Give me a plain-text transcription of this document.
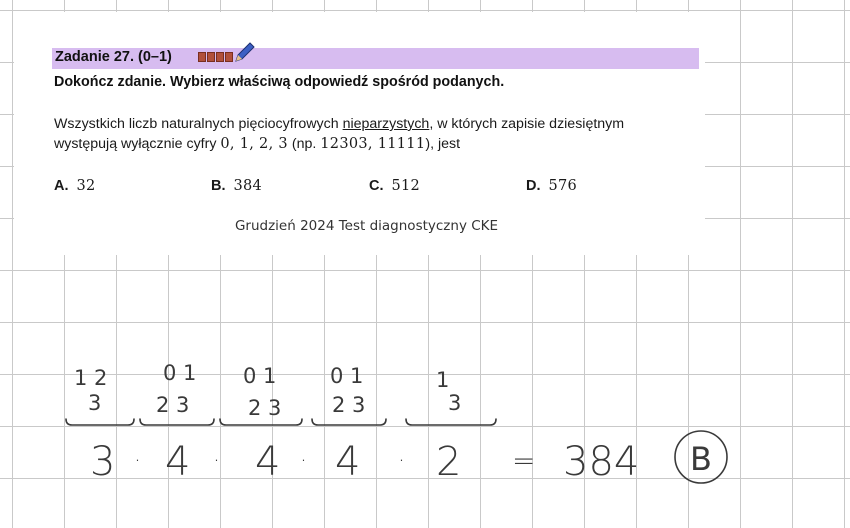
Zadanie 27. (0–1)
Dokończ zdanie. Wybierz właściwą odpowiedź spośród podanych.
Wszystkich liczb naturalnych pięciocyfrowych nieparzystych, w których zapisie dziesiętnym
występują wyłącznie cyfry 0, 1, 2, 3 (np. 12303, 11111), jest
A. 32	B. 384	C. 512	D. 576
Grudzień 2024 Test diagnostyczny CKE
1 2
3
0 1
2 3
0 1
2 3
0 1
2 3
1
3
3 · 4 · 4 · 4 · 2 = 384 B
